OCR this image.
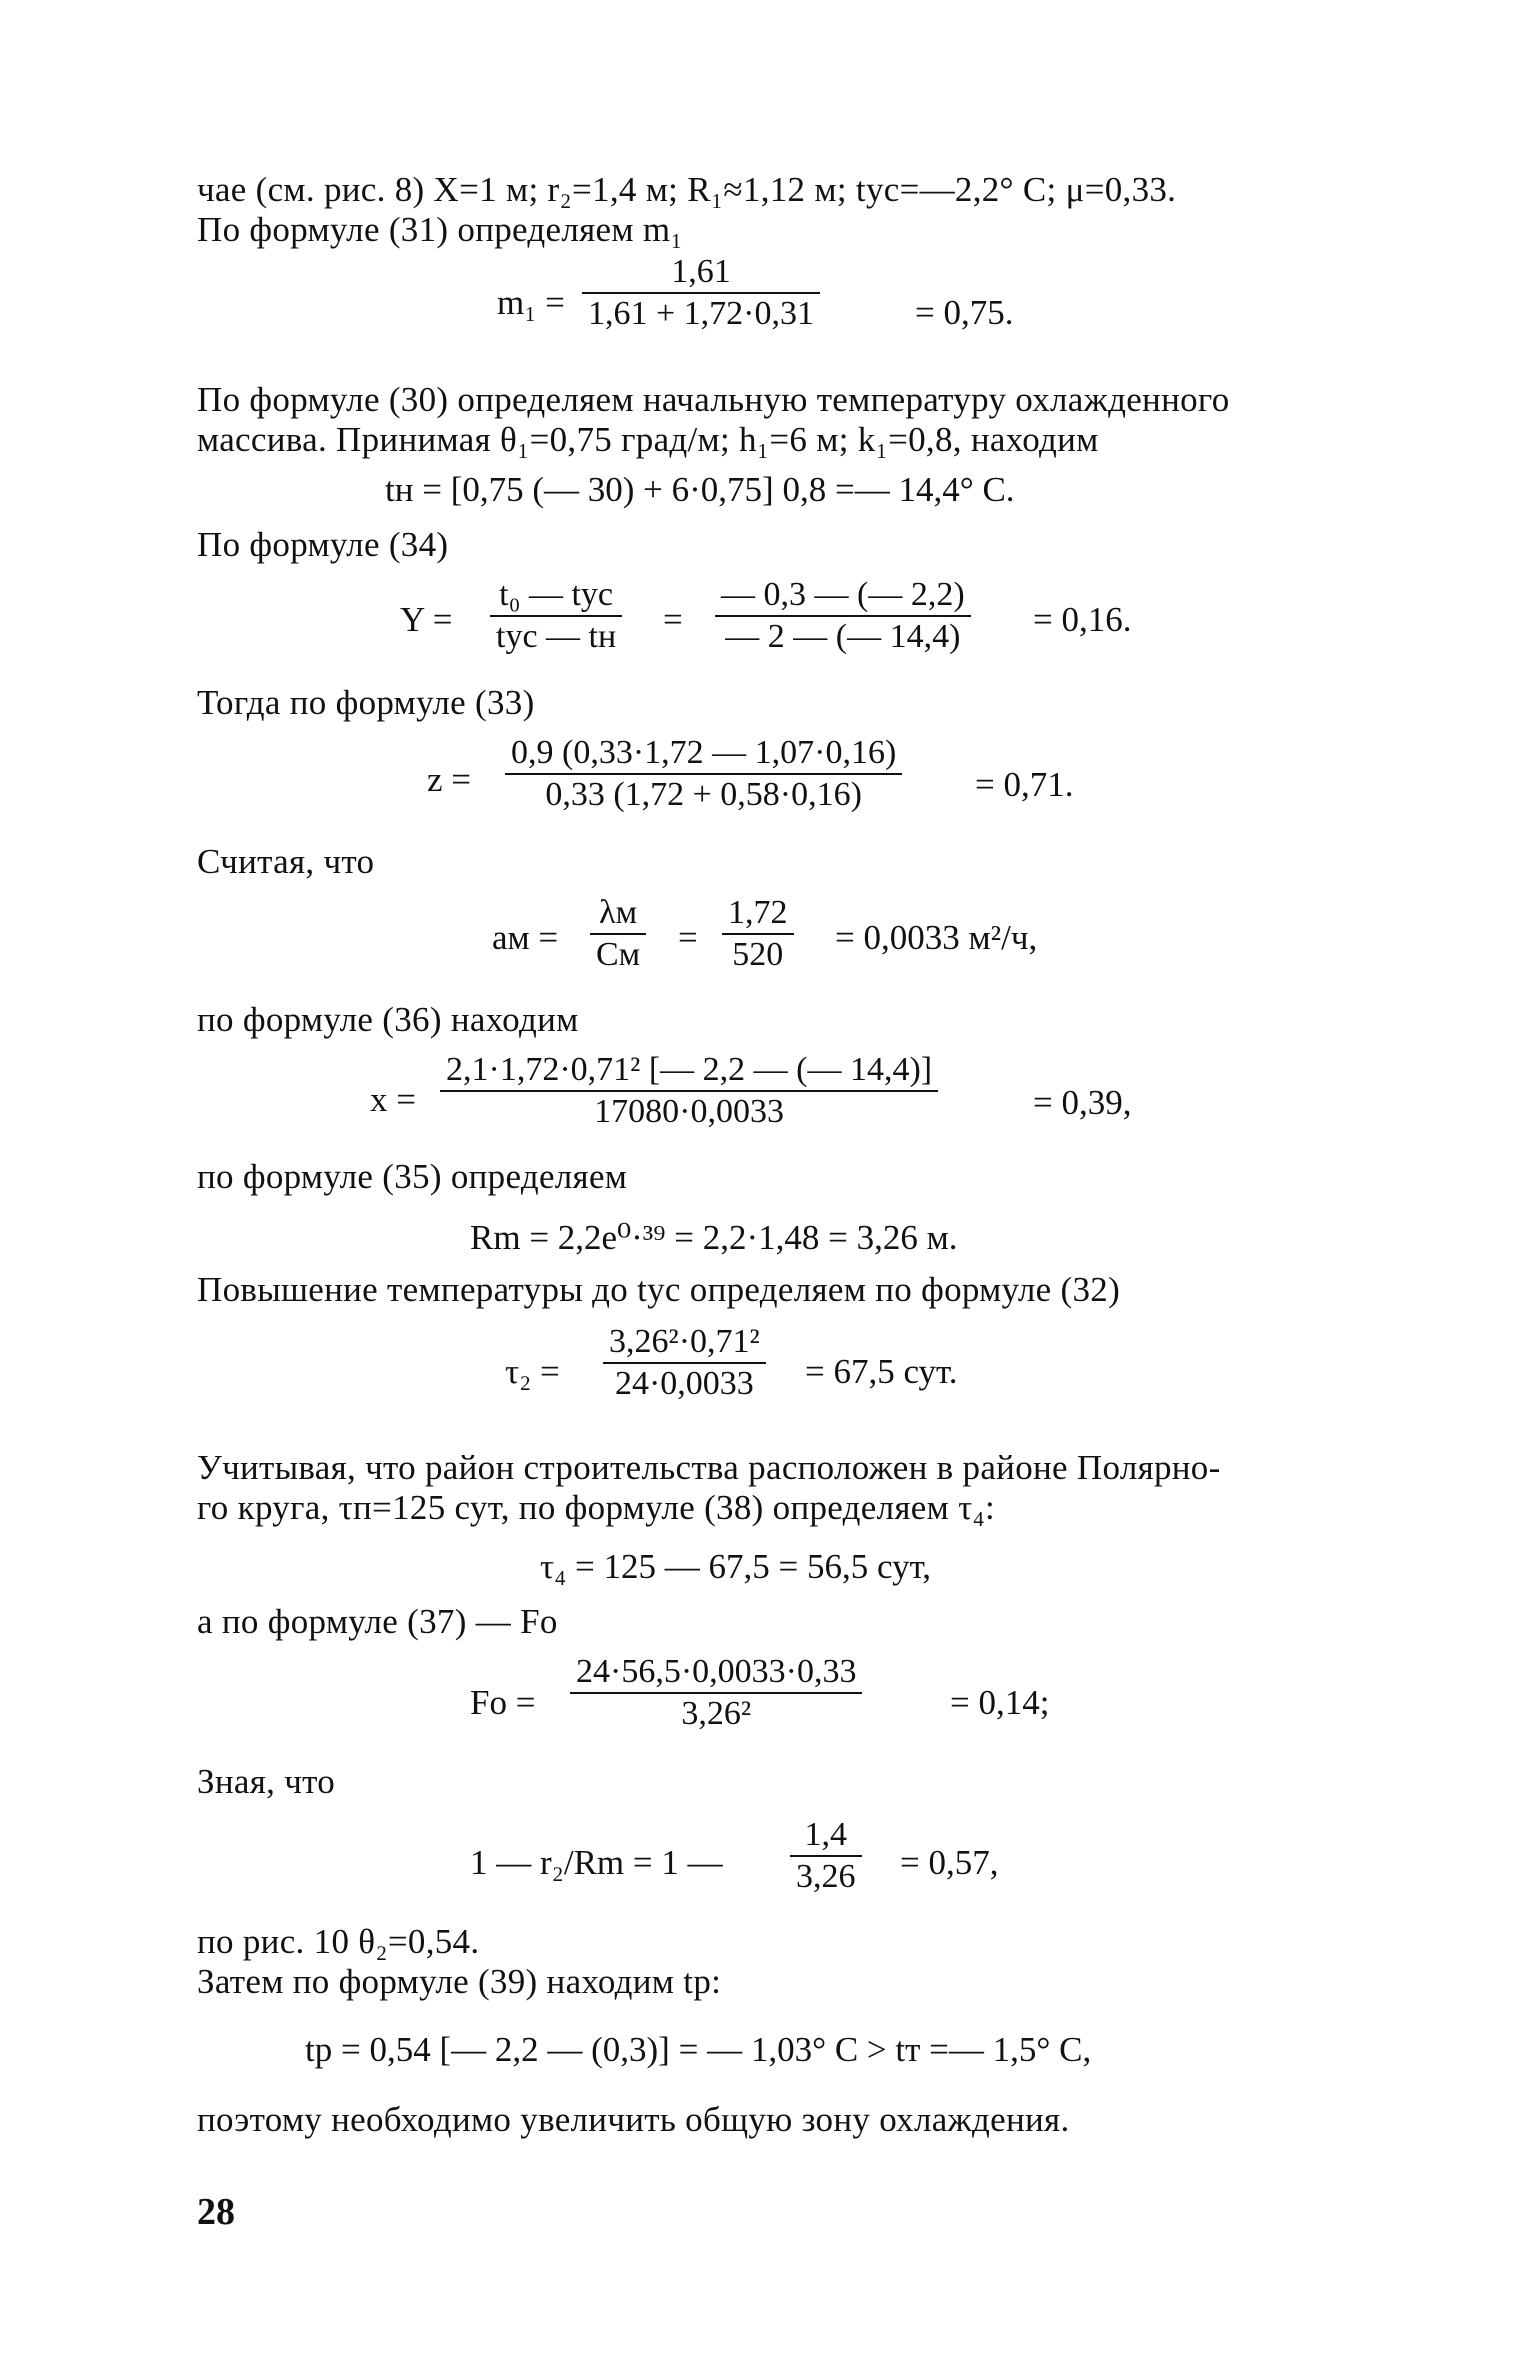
чае (см. рис. 8) X=1 м; r₂=1,4 м; R₁≈1,12 м; tус=—2,2° С; μ=0,33.
По формуле (31) определяем m₁
m₁ =
1,61
1,61 + 1,72·0,31	= 0,75.
По формуле (30) определяем начальную температуру охлажденного
массива. Принимая θ₁=0,75 град/м; h₁=6 м; k₁=0,8, находим
tн = [0,75 (— 30) + 6·0,75] 0,8 =— 14,4° С.
По формуле (34)
Y =
t₀ — tус
tус — tн =
— 0,3 — (— 2,2)
— 2 — (— 14,4) = 0,16.
Тогда по формуле (33)
z =
0,9 (0,33·1,72 — 1,07·0,16)
0,33 (1,72 + 0,58·0,16)	= 0,71.
Считая, что
aм =
λм
Cм =
1,72
520 = 0,0033 м²/ч,
по формуле (36) находим
x =
2,1·1,72·0,71² [— 2,2 — (— 14,4)]
17080·0,0033	= 0,39,
по формуле (35) определяем
Rm = 2,2e⁰·³⁹ = 2,2·1,48 = 3,26 м.
Повышение температуры до tус определяем по формуле (32)
τ₂ =
3,26²·0,71²
24·0,0033 = 67,5 сут.
Учитывая, что район строительства расположен в районе Полярно-
го круга, τп=125 сут, по формуле (38) определяем τ₄:
τ₄ = 125 — 67,5 = 56,5 сут,
а по формуле (37) — Fo
Fo =
24·56,5·0,0033·0,33
3,26²	= 0,14;
Зная, что
1 — r₂/Rm = 1 —
1,4
3,26 = 0,57,
по рис. 10 θ₂=0,54.
Затем по формуле (39) находим tр:
tр = 0,54 [— 2,2 — (0,3)] = — 1,03° С > tт =— 1,5° С,
поэтому необходимо увеличить общую зону охлаждения.
28
